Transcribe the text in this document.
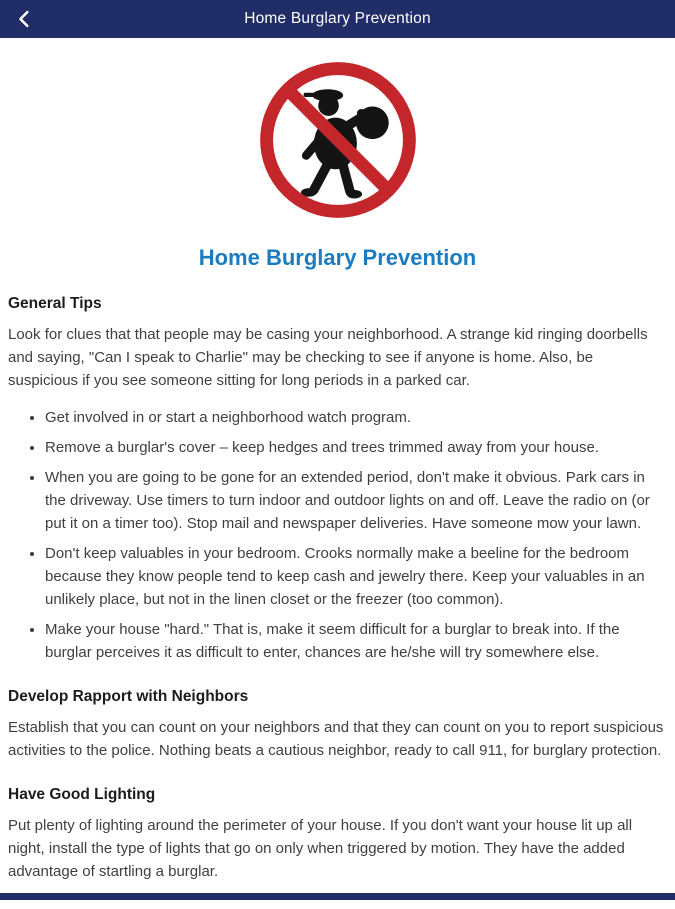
Home Burglary Prevention
Home Burglary Prevention
General Tips

Look for clues that that people may be casing your neighborhood. A strange kid ringing doorbells and saying, "Can I speak to Charlie" may be checking to see if anyone is home. Also, be suspicious if you see someone sitting for long periods in a parked car.

• Get involved in or start a neighborhood watch program.
• Remove a burglar's cover – keep hedges and trees trimmed away from your house.
• When you are going to be gone for an extended period, don't make it obvious. Park cars in the driveway. Use timers to turn indoor and outdoor lights on and off. Leave the radio on (or put it on a timer too). Stop mail and newspaper deliveries. Have someone mow your lawn.
• Don't keep valuables in your bedroom. Crooks normally make a beeline for the bedroom because they know people tend to keep cash and jewelry there. Keep your valuables in an unlikely place, but not in the linen closet or the freezer (too common).
• Make your house "hard." That is, make it seem difficult for a burglar to break into. If the burglar perceives it as difficult to enter, chances are he/she will try somewhere else.
Develop Rapport with Neighbors

Establish that you can count on your neighbors and that they can count on you to report suspicious activities to the police. Nothing beats a cautious neighbor, ready to call 911, for burglary protection.

Have Good Lighting

Put plenty of lighting around the perimeter of your house. If you don't want your house lit up all night, install the type of lights that go on only when triggered by motion. They have the added advantage of startling a burglar.
